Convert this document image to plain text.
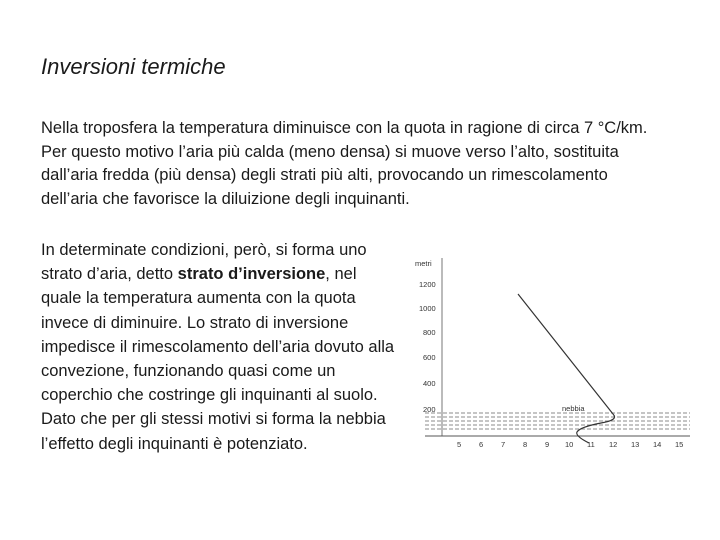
Inversioni termiche

Nella troposfera la temperatura diminuisce con la quota in ragione di circa 7 °C/km. Per questo motivo l’aria più calda (meno densa) si muove verso l’alto, sostituita dall’aria fredda (più densa) degli strati più alti, provocando un rimescolamento dell’aria che favorisce la diluizione degli inquinanti.

In determinate condizioni, però, si forma uno strato d’aria, detto strato d’inversione, nel quale la temperatura aumenta con la quota invece di diminuire. Lo strato di inversione impedisce il rimescolamento dell’aria dovuto alla convezione, funzionando quasi come un coperchio che costringe gli inquinanti al suolo. Dato che per gli stessi motivi si forma la nebbia l’effetto degli inquinanti è potenziato.

metri
1200
1000
800
600
400
200	nebbia
5 6 7 8 9 10 11 12 13 14 15
